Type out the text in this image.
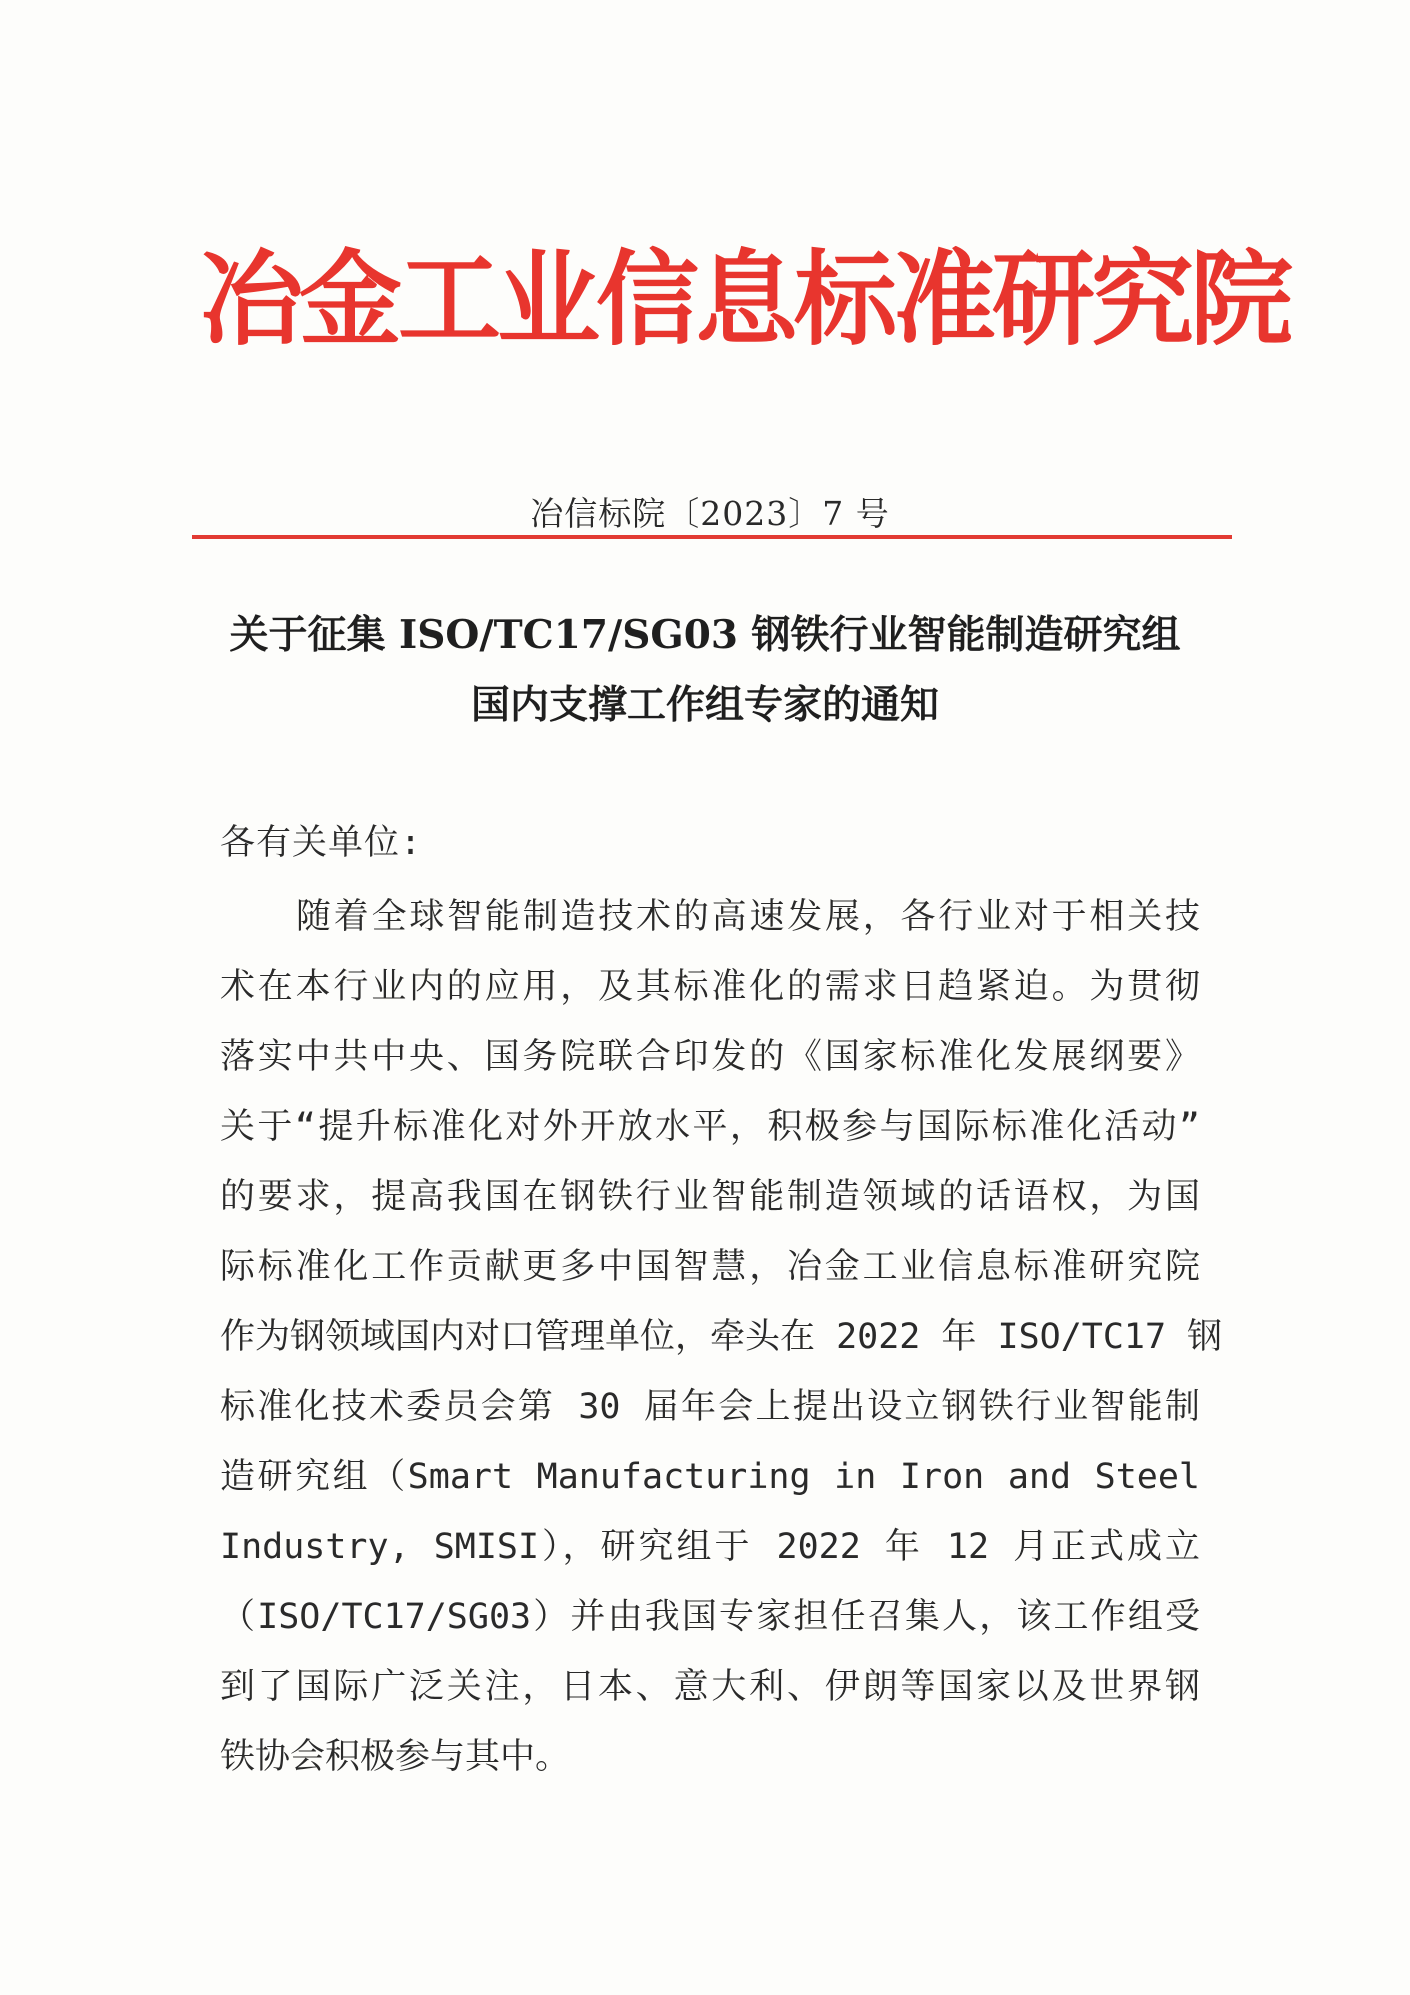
冶金工业信息标准研究院
冶信标院〔2023〕7 号
关于征集 ISO/TC17/SG03 钢铁行业智能制造研究组
国内支撑工作组专家的通知
各有关单位:
随着全球智能制造技术的高速发展，各行业对于相关技
术在本行业内的应用，及其标准化的需求日趋紧迫。为贯彻
落实中共中央、国务院联合印发的《国家标准化发展纲要》
关于“提升标准化对外开放水平，积极参与国际标准化活动”
的要求，提高我国在钢铁行业智能制造领域的话语权，为国
际标准化工作贡献更多中国智慧，冶金工业信息标准研究院
作为钢领域国内对口管理单位，牵头在 2022 年 ISO/TC17 钢
标准化技术委员会第 30 届年会上提出设立钢铁行业智能制
造研究组（Smart Manufacturing in Iron and Steel
Industry, SMISI），研究组于 2022 年 12 月正式成立
（ISO/TC17/SG03）并由我国专家担任召集人，该工作组受
到了国际广泛关注，日本、意大利、伊朗等国家以及世界钢
铁协会积极参与其中。
